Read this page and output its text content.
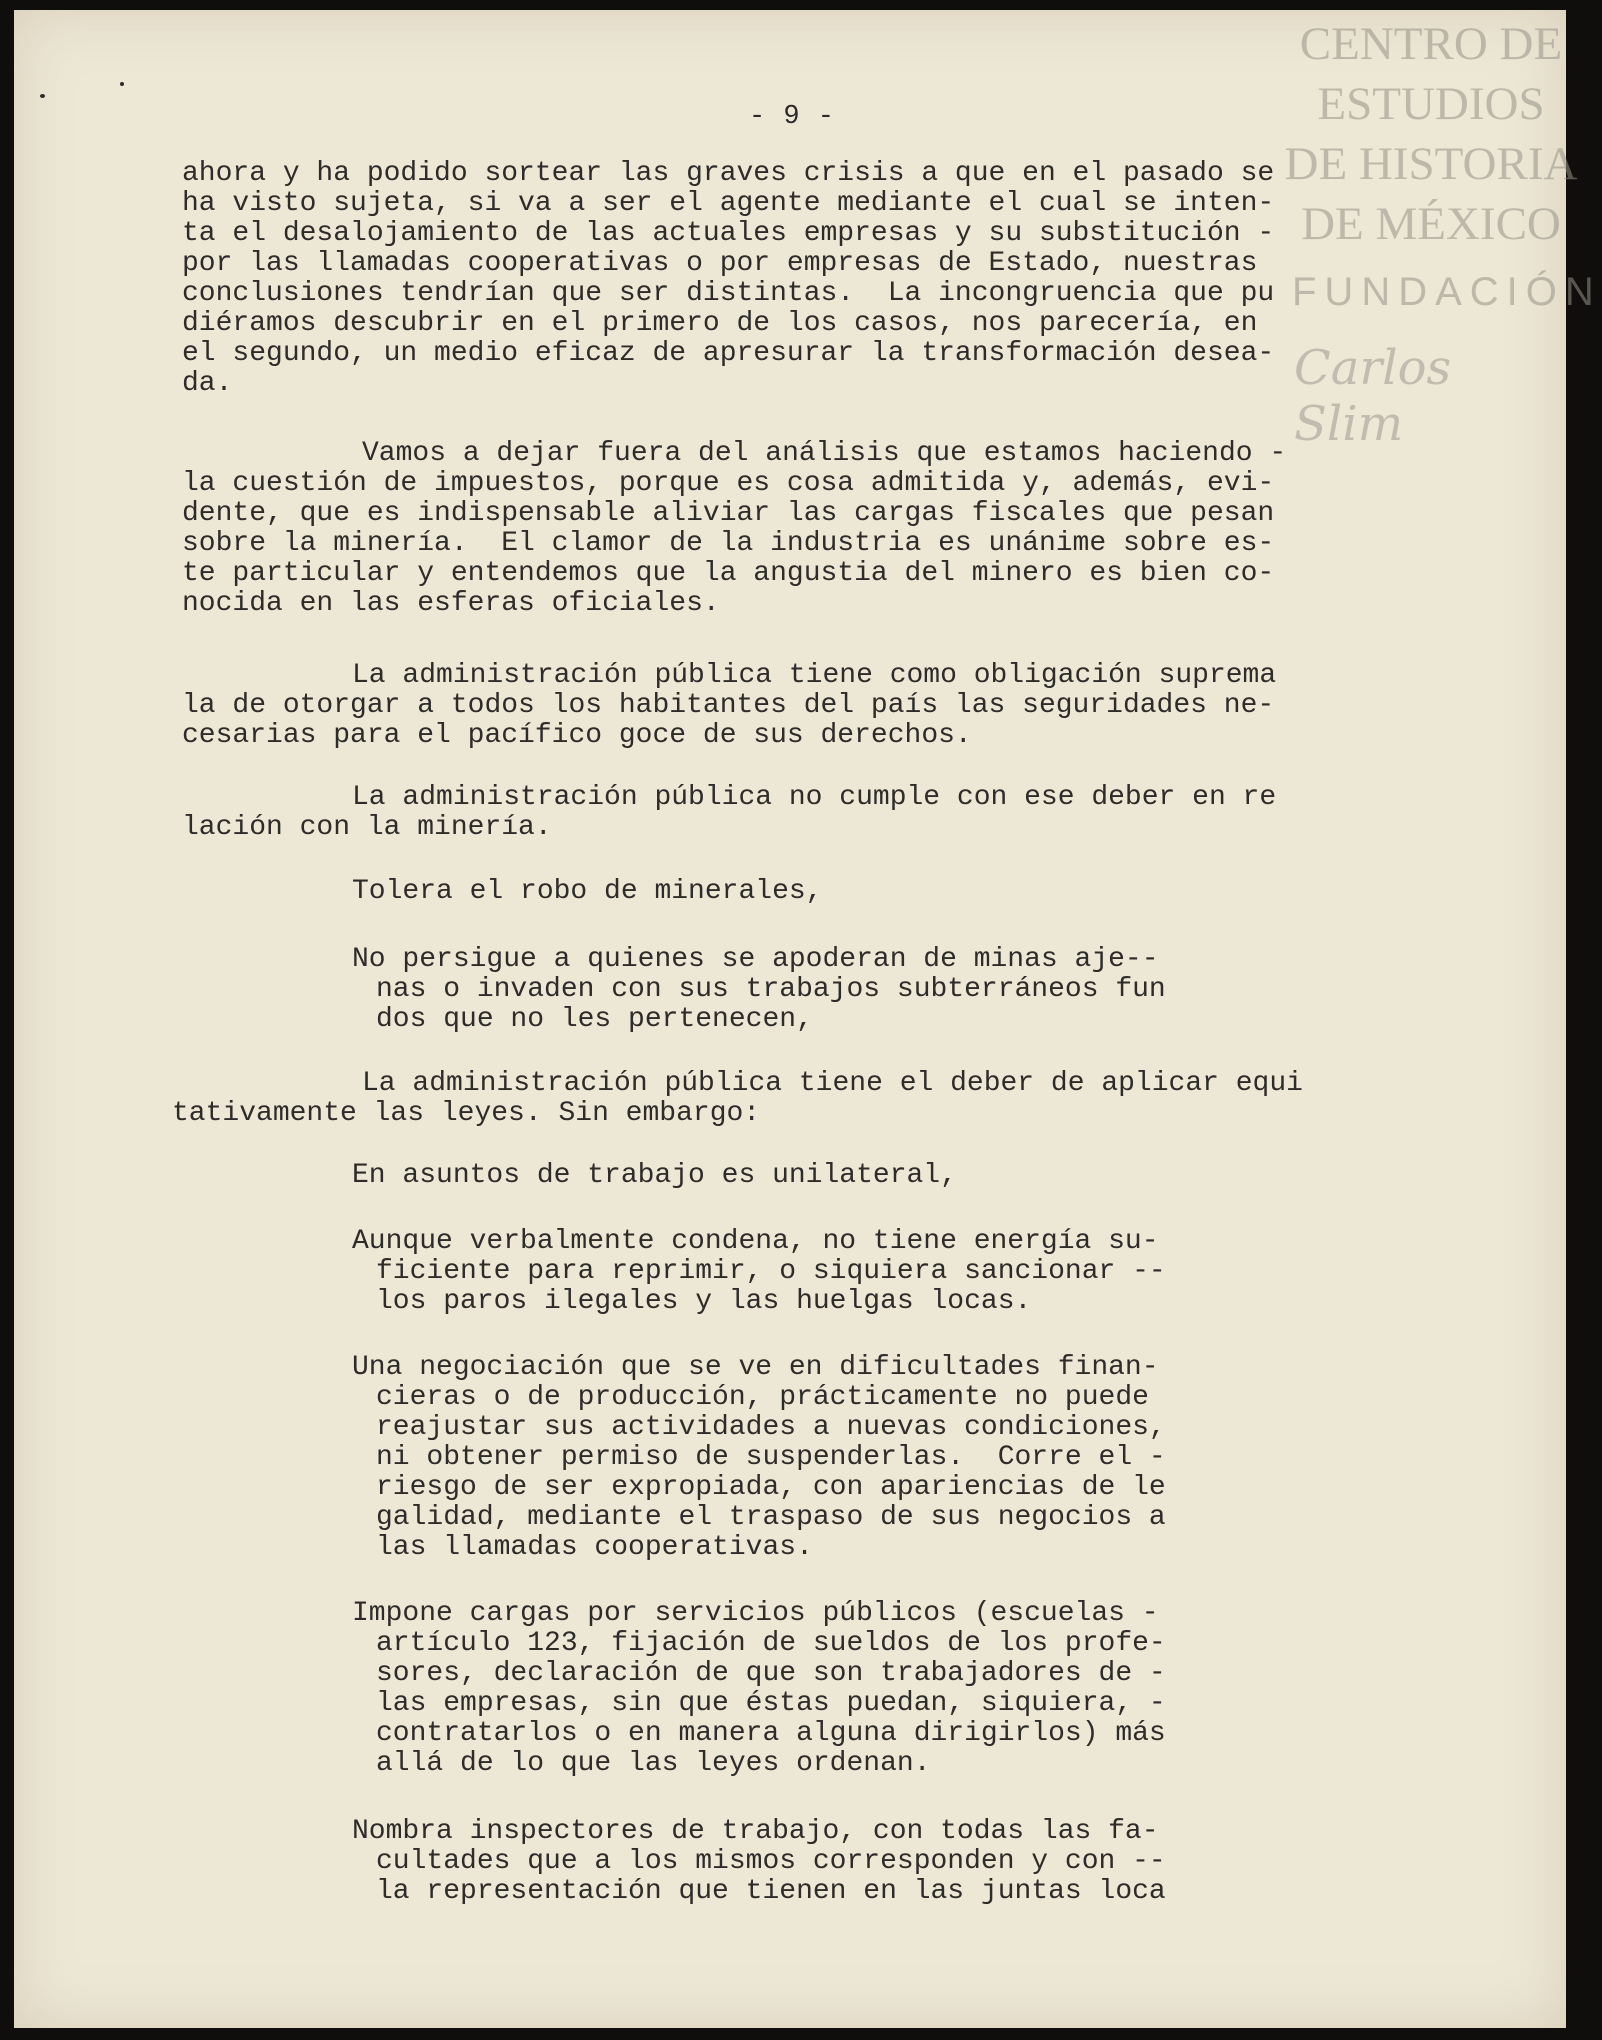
CENTRO DE
ESTUDIOS
DE HISTORIA
DE MÉXICO
FUNDACIÓN
Carlos Slim
- 9 -
ahora y ha podido sortear las graves crisis a que en el pasado se
ha visto sujeta, si va a ser el agente mediante el cual se inten-
ta el desalojamiento de las actuales empresas y su substitución -
por las llamadas cooperativas o por empresas de Estado, nuestras
conclusiones tendrían que ser distintas.  La incongruencia que pu
diéramos descubrir en el primero de los casos, nos parecería, en
el segundo, un medio eficaz de apresurar la transformación desea-
da.
Vamos a dejar fuera del análisis que estamos haciendo -
la cuestión de impuestos, porque es cosa admitida y, además, evi-
dente, que es indispensable aliviar las cargas fiscales que pesan
sobre la minería.  El clamor de la industria es unánime sobre es-
te particular y entendemos que la angustia del minero es bien co-
nocida en las esferas oficiales.
La administración pública tiene como obligación suprema
la de otorgar a todos los habitantes del país las seguridades ne-
cesarias para el pacífico goce de sus derechos.
La administración pública no cumple con ese deber en re
lación con la minería.
Tolera el robo de minerales,
No persigue a quienes se apoderan de minas aje--
nas o invaden con sus trabajos subterráneos fun
dos que no les pertenecen,
La administración pública tiene el deber de aplicar equi
tativamente las leyes. Sin embargo:
En asuntos de trabajo es unilateral,
Aunque verbalmente condena, no tiene energía su-
ficiente para reprimir, o siquiera sancionar --
los paros ilegales y las huelgas locas.
Una negociación que se ve en dificultades finan-
cieras o de producción, prácticamente no puede
reajustar sus actividades a nuevas condiciones,
ni obtener permiso de suspenderlas.  Corre el -
riesgo de ser expropiada, con apariencias de le
galidad, mediante el traspaso de sus negocios a
las llamadas cooperativas.
Impone cargas por servicios públicos (escuelas -
artículo 123, fijación de sueldos de los profe-
sores, declaración de que son trabajadores de -
las empresas, sin que éstas puedan, siquiera, -
contratarlos o en manera alguna dirigirlos) más
allá de lo que las leyes ordenan.
Nombra inspectores de trabajo, con todas las fa-
cultades que a los mismos corresponden y con --
la representación que tienen en las juntas loca
